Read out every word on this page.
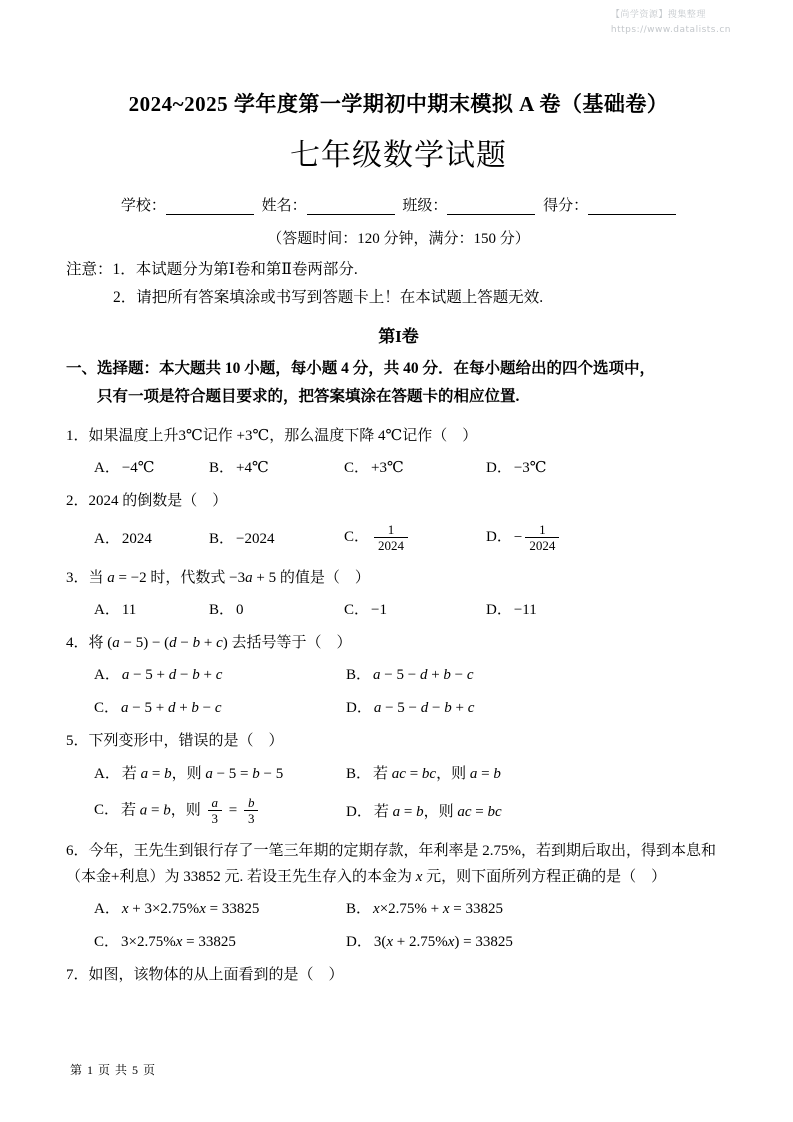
【尚学资源】搜集整理
https://www.datalists.cn
2024~2025 学年度第一学期初中期末模拟 A 卷（基础卷）
七年级数学试题
学校：	姓名：	班级：	得分：
（答题时间：120 分钟，满分：150 分）
注意：1．本试题分为第Ⅰ卷和第Ⅱ卷两部分.
2．请把所有答案填涂或书写到答题卡上！在本试题上答题无效.
第I卷
一、选择题：本大题共 10 小题，每小题 4 分，共 40 分．在每小题给出的四个选项中，
只有一项是符合题目要求的，把答案填涂在答题卡的相应位置.
1．如果温度上升3℃记作 +3℃，那么温度下降 4℃记作（　）
A． −4℃	B． +4℃	C． +3℃	D． −3℃
2．2024 的倒数是（　）
A． 2024	B． −2024	C． $\frac{1}{2024}$	D． − $\frac{1}{2024}$
3．当 a = −2 时，代数式 −3a + 5 的值是（　）
A． 11	B． 0	C． −1	D． −11
4．将 (a − 5) − (d − b + c) 去括号等于（　）
A． a − 5 + d − b + c	B． a − 5 − d + b − c
C． a − 5 + d + b − c	D． a − 5 − d − b + c
5．下列变形中，错误的是（　）
A． 若 a = b，则 a − 5 = b − 5	B． 若 ac = bc，则 a = b
C． 若 a = b，则 $\frac{a}{3} = \frac{b}{3}$	D． 若 a = b，则 ac = bc
6．今年，王先生到银行存了一笔三年期的定期存款，年利率是 2.75%，若到期后取出，得到本息和（本金+利息）为 33852 元. 若设王先生存入的本金为 x 元，则下面所列方程正确的是（　）
A． x + 3×2.75%x = 33825	B． x×2.75% + x = 33825
C． 3×2.75%x = 33825	D． 3(x + 2.75%x) = 33825
7．如图，该物体的从上面看到的是（　）
第 1 页 共 5 页
